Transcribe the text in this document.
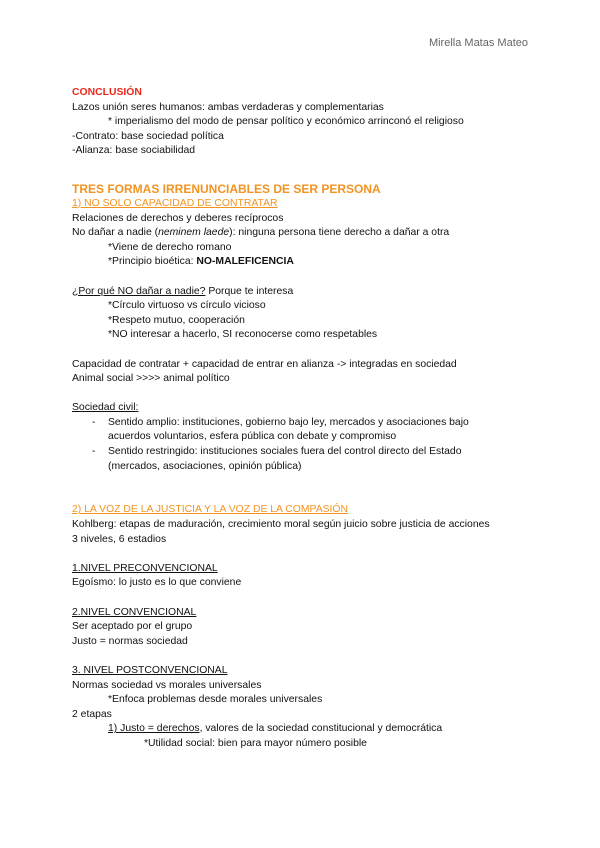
Mirella Matas Mateo
CONCLUSIÓN
Lazos unión seres humanos: ambas verdaderas y complementarias
* imperialismo del modo de pensar político y económico arrinconó el religioso
-Contrato: base sociedad política
-Alianza: base sociabilidad
TRES FORMAS IRRENUNCIABLES DE SER PERSONA
1) NO SOLO CAPACIDAD DE CONTRATAR
Relaciones de derechos y deberes recíprocos
No dañar a nadie (neminem laede): ninguna persona tiene derecho a dañar a otra
*Viene de derecho romano
*Principio bioética: NO-MALEFICENCIA
¿Por qué NO dañar a nadie? Porque te interesa
*Círculo virtuoso vs círculo vicioso
*Respeto mutuo, cooperación
*NO interesar a hacerlo, SI reconocerse como respetables
Capacidad de contratar + capacidad de entrar en alianza -> integradas en sociedad
Animal social >>>> animal político
Sociedad civil:
- Sentido amplio: instituciones, gobierno bajo ley, mercados y asociaciones bajo
acuerdos voluntarios, esfera pública con debate y compromiso
- Sentido restringido: instituciones sociales fuera del control directo del Estado
(mercados, asociaciones, opinión pública)
2) LA VOZ DE LA JUSTICIA Y LA VOZ DE LA COMPASIÓN
Kohlberg: etapas de maduración, crecimiento moral según juicio sobre justicia de acciones
3 niveles, 6 estadios
1.NIVEL PRECONVENCIONAL
Egoísmo: lo justo es lo que conviene
2.NIVEL CONVENCIONAL
Ser aceptado por el grupo
Justo = normas sociedad
3. NIVEL POSTCONVENCIONAL
Normas sociedad vs morales universales
*Enfoca problemas desde morales universales
2 etapas
1) Justo = derechos, valores de la sociedad constitucional y democrática
*Utilidad social: bien para mayor número posible
